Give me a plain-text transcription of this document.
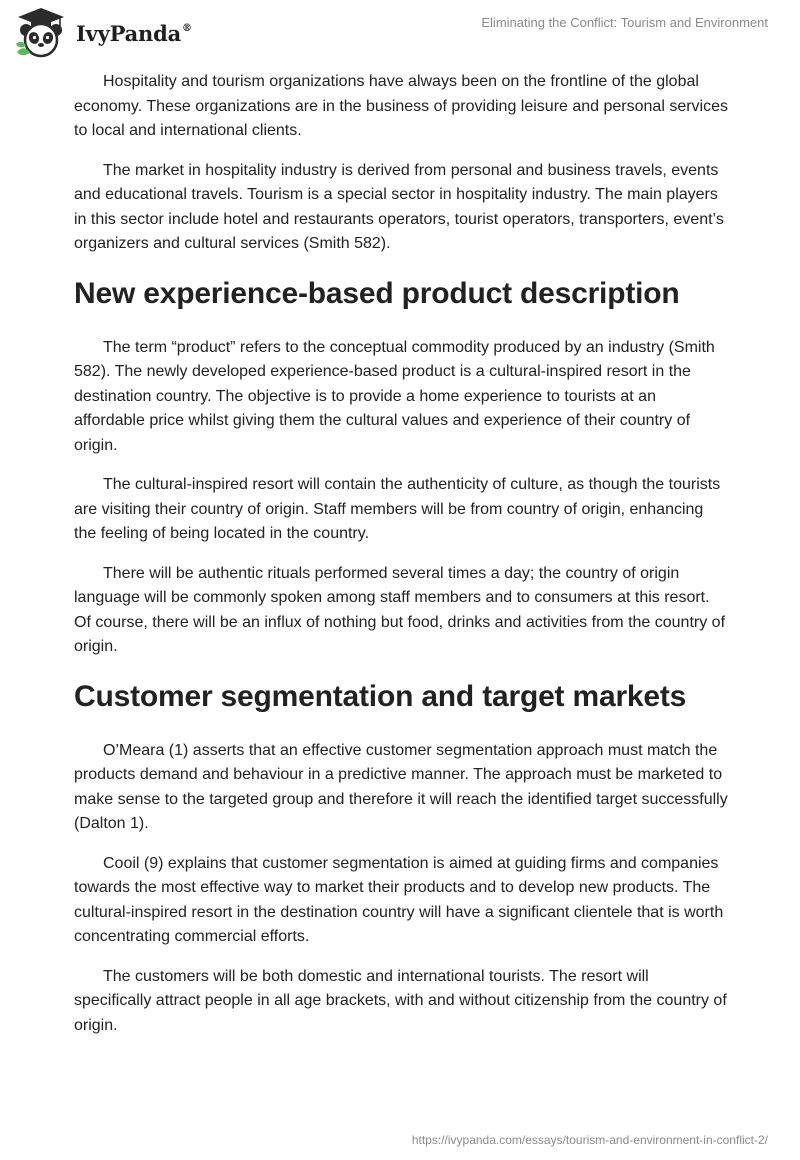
IvyPanda®	Eliminating the Conflict: Tourism and Environment

Hospitality and tourism organizations have always been on the frontline of the global economy. These organizations are in the business of providing leisure and personal services to local and international clients.

The market in hospitality industry is derived from personal and business travels, events and educational travels. Tourism is a special sector in hospitality industry. The main players in this sector include hotel and restaurants operators, tourist operators, transporters, event’s organizers and cultural services (Smith 582).

New experience-based product description

The term “product” refers to the conceptual commodity produced by an industry (Smith 582). The newly developed experience-based product is a cultural-inspired resort in the destination country. The objective is to provide a home experience to tourists at an affordable price whilst giving them the cultural values and experience of their country of origin.

The cultural-inspired resort will contain the authenticity of culture, as though the tourists are visiting their country of origin. Staff members will be from country of origin, enhancing the feeling of being located in the country.

There will be authentic rituals performed several times a day; the country of origin language will be commonly spoken among staff members and to consumers at this resort. Of course, there will be an influx of nothing but food, drinks and activities from the country of origin.

Customer segmentation and target markets

O’Meara (1) asserts that an effective customer segmentation approach must match the products demand and behaviour in a predictive manner. The approach must be marketed to make sense to the targeted group and therefore it will reach the identified target successfully (Dalton 1).

Cooil (9) explains that customer segmentation is aimed at guiding firms and companies towards the most effective way to market their products and to develop new products. The cultural-inspired resort in the destination country will have a significant clientele that is worth concentrating commercial efforts.

The customers will be both domestic and international tourists. The resort will specifically attract people in all age brackets, with and without citizenship from the country of origin.

https://ivypanda.com/essays/tourism-and-environment-in-conflict-2/
